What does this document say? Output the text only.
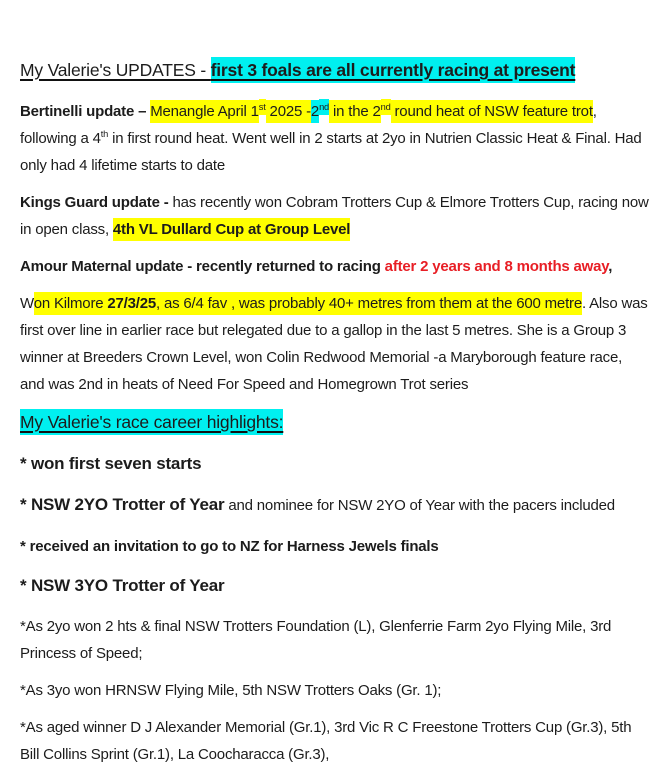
My Valerie's UPDATES - first 3 foals are all currently racing at present

Bertinelli update – Menangle April 1st 2025 -2nd in the 2nd round heat of NSW feature trot, following a 4th in first round heat. Went well in 2 starts at 2yo in Nutrien Classic Heat & Final. Had only had 4 lifetime starts to date

Kings Guard update - has recently won Cobram Trotters Cup & Elmore Trotters Cup, racing now in open class, 4th VL Dullard Cup at Group Level

Amour Maternal update - recently returned to racing after 2 years and 8 months away,

Won Kilmore 27/3/25, as 6/4 fav , was probably 40+ metres from them at the 600 metre. Also was first over line in earlier race but relegated due to a gallop in the last 5 metres. She is a Group 3 winner at Breeders Crown Level, won Colin Redwood Memorial -a Maryborough feature race, and was 2nd in heats of Need For Speed and Homegrown Trot series

My Valerie's race career highlights:

* won first seven starts

* NSW 2YO Trotter of Year and nominee for NSW 2YO of Year with the pacers included

* received an invitation to go to NZ for Harness Jewels finals

* NSW 3YO Trotter of Year

*As 2yo won 2 hts & final NSW Trotters Foundation (L), Glenferrie Farm 2yo Flying Mile, 3rd Princess of Speed;

*As 3yo won HRNSW Flying Mile, 5th NSW Trotters Oaks (Gr. 1);

*As aged winner D J Alexander Memorial (Gr.1), 3rd Vic R C Freestone Trotters Cup (Gr.3), 5th Bill Collins Sprint (Gr.1), La Coocharacca (Gr.3),
